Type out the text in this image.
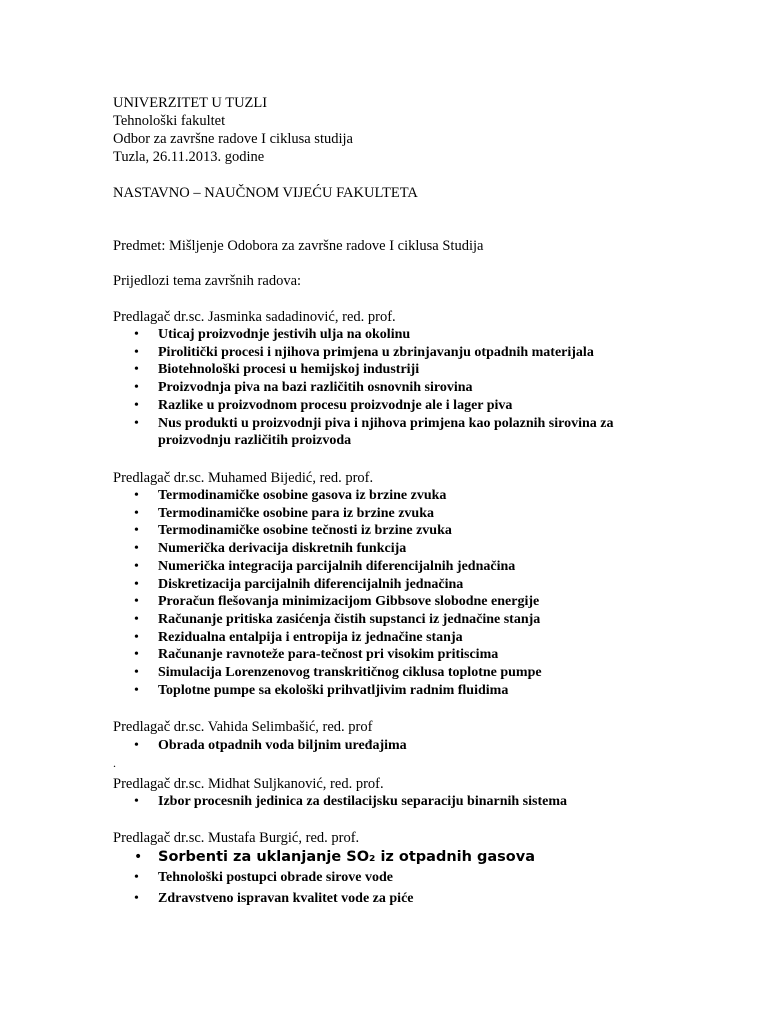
UNIVERZITET U TUZLI
Tehnološki fakultet
Odbor za završne radove I ciklusa studija
Tuzla, 26.11.2013. godine
NASTAVNO – NAUČNOM VIJEĆU FAKULTETA
Predmet: Mišljenje Odobora za završne radove I ciklusa Studija
Prijedlozi tema završnih radova:
Predlagač dr.sc. Jasminka sadadinović, red. prof.
• Uticaj proizvodnje jestivih ulja na okolinu
• Pirolitički procesi i njihova primjena u zbrinjavanju otpadnih materijala
• Biotehnološki procesi u hemijskoj industriji
• Proizvodnja piva na bazi različitih osnovnih sirovina
• Razlike u proizvodnom procesu proizvodnje ale i lager piva
• Nus produkti u proizvodnji piva i njihova primjena kao polaznih sirovina za
proizvodnju različitih proizvoda
Predlagač dr.sc. Muhamed Bijedić, red. prof.
• Termodinamičke osobine gasova iz brzine zvuka
• Termodinamičke osobine para iz brzine zvuka
• Termodinamičke osobine tečnosti iz brzine zvuka
• Numerička derivacija diskretnih funkcija
• Numerička integracija parcijalnih diferencijalnih jednačina
• Diskretizacija parcijalnih diferencijalnih jednačina
• Proračun flešovanja minimizacijom Gibbsove slobodne energije
• Računanje pritiska zasićenja čistih supstanci iz jednačine stanja
• Rezidualna entalpija i entropija iz jednačine stanja
• Računanje ravnoteže para-tečnost pri visokim pritiscima
• Simulacija Lorenzenovog transkritičnog ciklusa toplotne pumpe
• Toplotne pumpe sa ekološki prihvatljivim radnim fluidima
Predlagač dr.sc. Vahida Selimbašić, red. prof
• Obrada otpadnih voda biljnim uređajima
.
Predlagač dr.sc. Midhat Suljkanović, red. prof.
• Izbor procesnih jedinica za destilacijsku separaciju binarnih sistema
Predlagač dr.sc. Mustafa Burgić, red. prof.
• Sorbenti za uklanjanje SO₂ iz otpadnih gasova
• Tehnološki postupci obrade sirove vode
• Zdravstveno ispravan kvalitet vode za piće
